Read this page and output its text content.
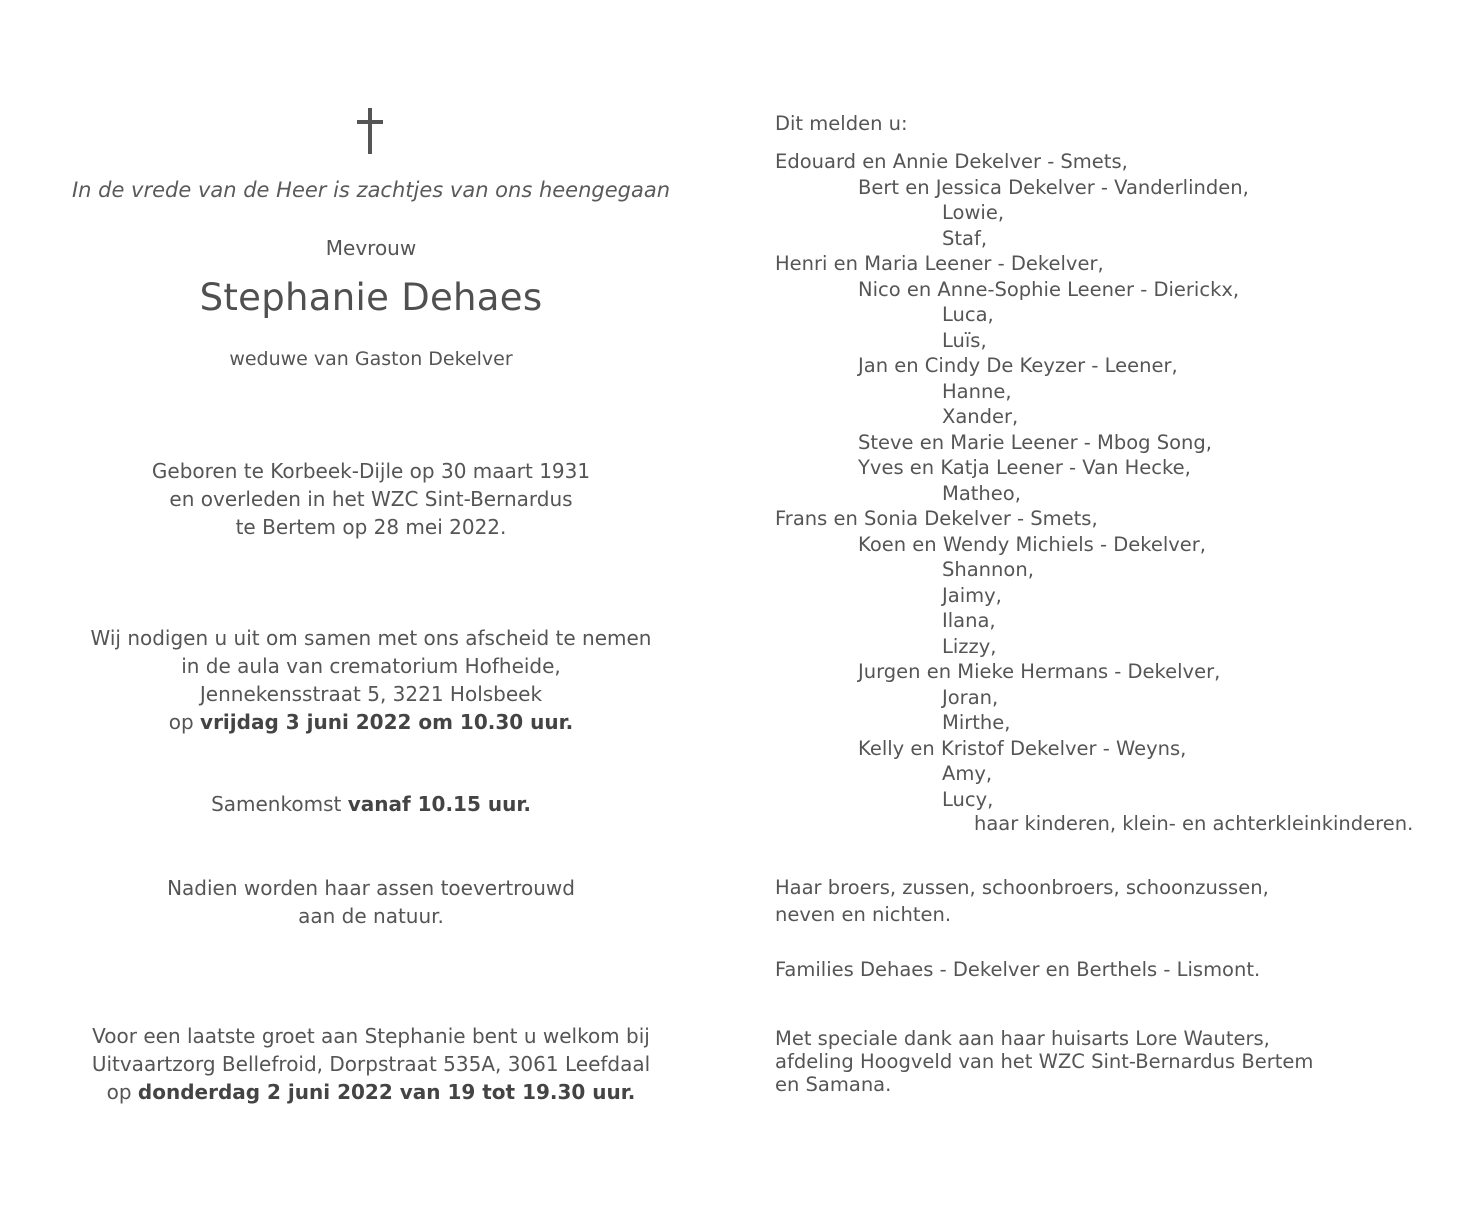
In de vrede van de Heer is zachtjes van ons heengegaan
Mevrouw
Stephanie Dehaes
weduwe van Gaston Dekelver
Geboren te Korbeek-Dijle op 30 maart 1931
en overleden in het WZC Sint-Bernardus
te Bertem op 28 mei 2022.
Wij nodigen u uit om samen met ons afscheid te nemen
in de aula van crematorium Hofheide,
Jennekensstraat 5, 3221 Holsbeek
op vrijdag 3 juni 2022 om 10.30 uur.
Samenkomst vanaf 10.15 uur.
Nadien worden haar assen toevertrouwd
aan de natuur.
Voor een laatste groet aan Stephanie bent u welkom bij
Uitvaartzorg Bellefroid, Dorpstraat 535A, 3061 Leefdaal
op donderdag 2 juni 2022 van 19 tot 19.30 uur.
Dit melden u:
Edouard en Annie Dekelver - Smets,
Bert en Jessica Dekelver - Vanderlinden,
Lowie,
Staf,
Henri en Maria Leener - Dekelver,
Nico en Anne-Sophie Leener - Dierickx,
Luca,
Luïs,
Jan en Cindy De Keyzer - Leener,
Hanne,
Xander,
Steve en Marie Leener - Mbog Song,
Yves en Katja Leener - Van Hecke,
Matheo,
Frans en Sonia Dekelver - Smets,
Koen en Wendy Michiels - Dekelver,
Shannon,
Jaimy,
Ilana,
Lizzy,
Jurgen en Mieke Hermans - Dekelver,
Joran,
Mirthe,
Kelly en Kristof Dekelver - Weyns,
Amy,
Lucy,
haar kinderen, klein- en achterkleinkinderen.
Haar broers, zussen, schoonbroers, schoonzussen,
neven en nichten.
Families Dehaes - Dekelver en Berthels - Lismont.
Met speciale dank aan haar huisarts Lore Wauters,
afdeling Hoogveld van het WZC Sint-Bernardus Bertem
en Samana.
